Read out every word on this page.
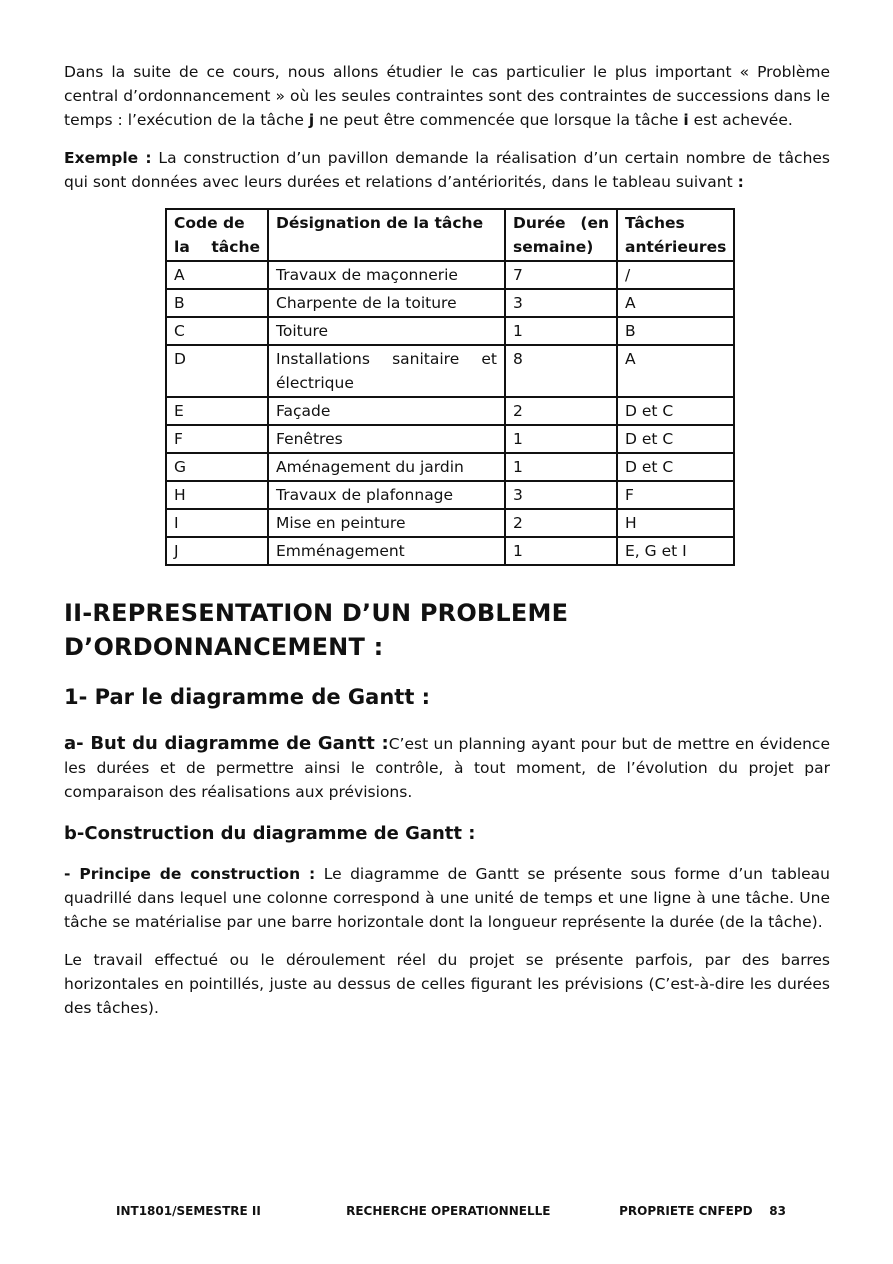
Dans la suite de ce cours, nous allons étudier le cas particulier le plus important « Problème central d’ordonnancement » où les seules contraintes sont des contraintes de successions dans le temps : l’exécution de la tâche j ne peut être commencée que lorsque la tâche i est achevée.

Exemple : La construction d’un pavillon demande la réalisation d’un certain nombre de tâches qui sont données avec leurs durées et relations d’antériorités, dans le tableau suivant :

Code de la tâche	Désignation de la tâche	Durée (en semaine)	Tâches antérieures
A	Travaux de maçonnerie	7	/
B	Charpente de la toiture	3	A
C	Toiture	1	B
D	Installations sanitaire et électrique	8	A
E	Façade	2	D et C
F	Fenêtres	1	D et C
G	Aménagement du jardin	1	D et C
H	Travaux de plafonnage	3	F
I	Mise en peinture	2	H
J	Emménagement	1	E, G et I
II-REPRESENTATION D’UN PROBLEME D’ORDONNANCEMENT :
1- Par le diagramme de Gantt :

a- But du diagramme de Gantt :C’est un planning ayant pour but de mettre en évidence les durées et de permettre ainsi le contrôle, à tout moment, de l’évolution du projet par comparaison des réalisations aux prévisions.

b-Construction du diagramme de Gantt :

- Principe de construction : Le diagramme de Gantt se présente sous forme d’un tableau quadrillé dans lequel une colonne correspond à une unité de temps et une ligne à une tâche. Une tâche se matérialise par une barre horizontale dont la longueur représente la durée (de la tâche).

Le travail effectué ou le déroulement réel du projet se présente parfois, par des barres horizontales en pointillés, juste au dessus de celles figurant les prévisions (C’est-à-dire les durées des tâches).

INT1801/SEMESTRE II	RECHERCHE OPERATIONNELLE	PROPRIETE CNFEPD    83
